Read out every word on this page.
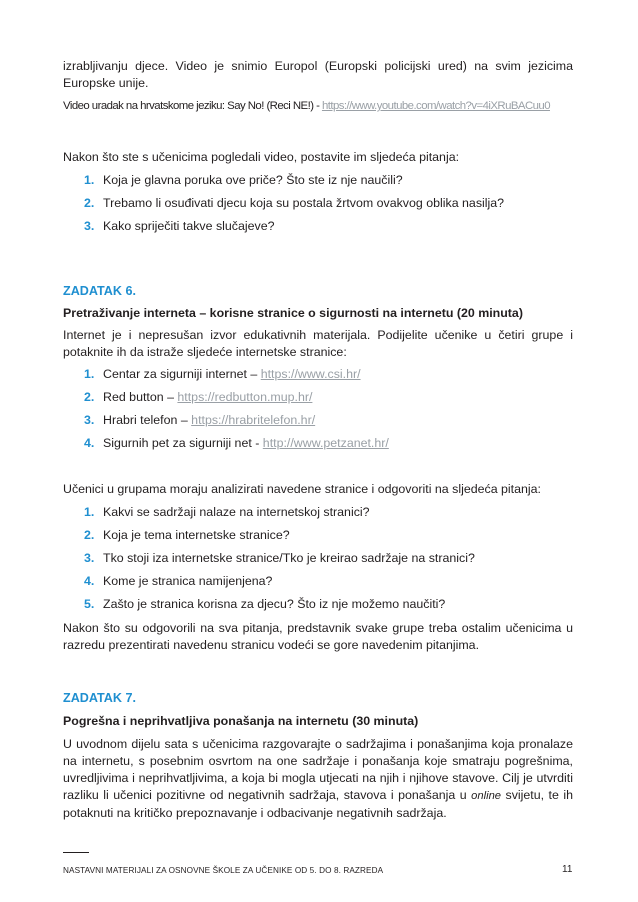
izrabljivanju djece. Video je snimio Europol (Europski policijski ured) na svim jezicima Europske unije.

Video uradak na hrvatskome jeziku: Say No! (Reci NE!) - https://www.youtube.com/watch?v=4iXRuBACuu0

Nakon što ste s učenicima pogledali video, postavite im sljedeća pitanja:

1. Koja je glavna poruka ove priče? Što ste iz nje naučili?
2. Trebamo li osuđivati djecu koja su postala žrtvom ovakvog oblika nasilja?
3. Kako spriječiti takve slučajeve?

ZADATAK 6.

Pretraživanje interneta – korisne stranice o sigurnosti na internetu (20 minuta)

Internet je i nepresušan izvor edukativnih materijala. Podijelite učenike u četiri grupe i potaknite ih da istraže sljedeće internetske stranice:

1. Centar za sigurniji internet – https://www.csi.hr/
2. Red button – https://redbutton.mup.hr/
3. Hrabri telefon – https://hrabritelefon.hr/
4. Sigurnih pet za sigurniji net - http://www.petzanet.hr/

Učenici u grupama moraju analizirati navedene stranice i odgovoriti na sljedeća pitanja:

1. Kakvi se sadržaji nalaze na internetskoj stranici?
2. Koja je tema internetske stranice?
3. Tko stoji iza internetske stranice/Tko je kreirao sadržaje na stranici?
4. Kome je stranica namijenjena?
5. Zašto je stranica korisna za djecu? Što iz nje možemo naučiti?

Nakon što su odgovorili na sva pitanja, predstavnik svake grupe treba ostalim učenicima u razredu prezentirati navedenu stranicu vodeći se gore navedenim pitanjima.

ZADATAK 7.

Pogrešna i neprihvatljiva ponašanja na internetu (30 minuta)

U uvodnom dijelu sata s učenicima razgovarajte o sadržajima i ponašanjima koja pronalaze na internetu, s posebnim osvrtom na one sadržaje i ponašanja koje smatraju pogrešnima, uvredljivima i neprihvatljivima, a koja bi mogla utjecati na njih i njihove stavove. Cilj je utvrditi razliku li učenici pozitivne od negativnih sadržaja, stavova i ponašanja u online svijetu, te ih potaknuti na kritičko prepoznavanje i odbacivanje negativnih sadržaja.

NASTAVNI MATERIJALI ZA OSNOVNE ŠKOLE ZA UČENIKE OD 5. DO 8. RAZREDA	11
